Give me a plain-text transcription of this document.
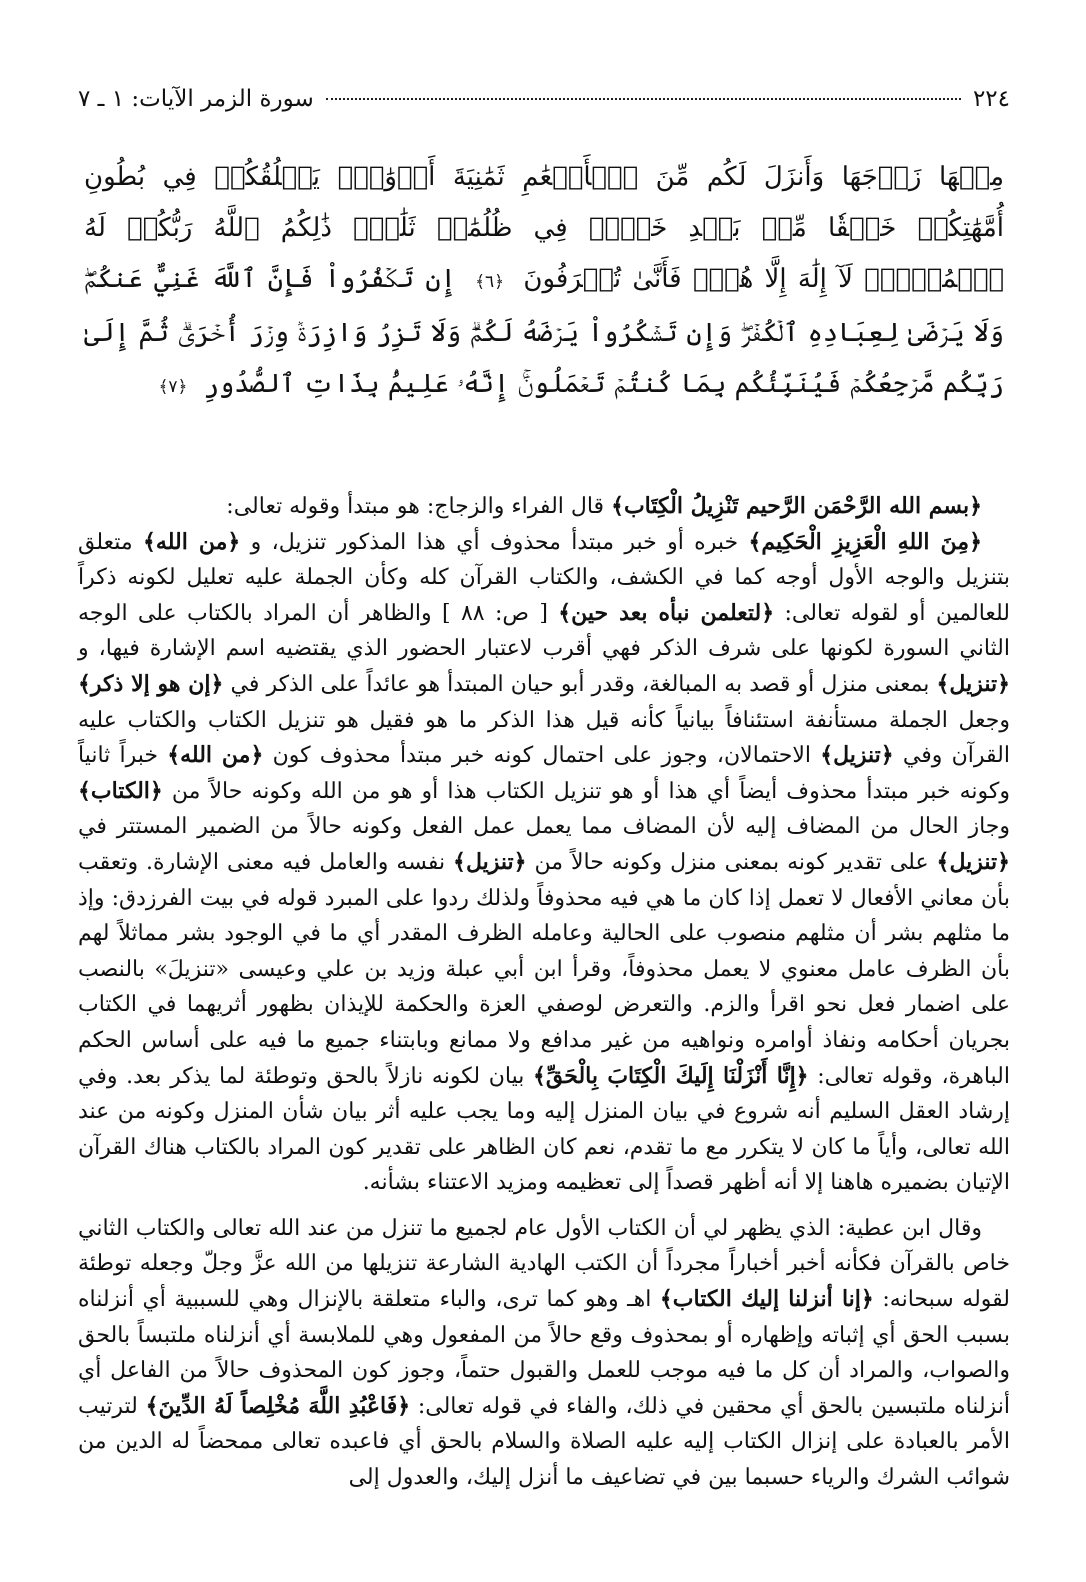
٢٢٤
سورة الزمر الآيات: ١ ـ ٧
مِنۡهَا زَوۡجَهَا وَأَنزَلَ لَكُم مِّنَ ٱلۡأَنۡعَٰمِ ثَمَٰنِيَةَ أَزۡوَٰجٖۚ يَخۡلُقُكُمۡ فِي بُطُونِ أُمَّهَٰتِكُمۡ خَلۡقٗا مِّنۢ بَعۡدِ خَلۡقٖ فِي ظُلُمَٰتٖ ثَلَٰثٖۚ ذَٰلِكُمُ ٱللَّهُ رَبُّكُمۡ لَهُ ٱلۡمُلۡكُۖ لَآ إِلَٰهَ إِلَّا هُوَۖ فَأَنَّىٰ تُصۡرَفُونَ ﴿٦﴾ إِن تَكۡفُرُواْ فَإِنَّ ٱللَّهَ غَنِيٌّ عَنكُمۡۖ وَلَا يَرۡضَىٰ لِعِبَادِهِ ٱلۡكُفۡرَۖ وَإِن تَشۡكُرُواْ يَرۡضَهُ لَكُمۡۗ وَلَا تَزِرُ وَازِرَةٞ وِزۡرَ أُخۡرَىٰۗ ثُمَّ إِلَىٰ رَبِّكُم مَّرۡجِعُكُمۡ فَيُنَبِّئُكُم بِمَا كُنتُمۡ تَعۡمَلُونَۚ إِنَّهُۥ عَلِيمُۢ بِذَاتِ ٱلصُّدُورِ ﴿٧﴾

﴿بسم الله الرَّحْمَن الرَّحيم تَنْزِيلُ الْكِتَاب﴾ قال الفراء والزجاج: هو مبتدأ وقوله تعالى:

﴿مِنَ اللهِ الْعَزِيزِ الْحَكِيم﴾ خبره أو خبر مبتدأ محذوف أي هذا المذكور تنزيل، و ﴿من الله﴾ متعلق بتنزيل والوجه الأول أوجه كما في الكشف، والكتاب القرآن كله وكأن الجملة عليه تعليل لكونه ذكراً للعالمين أو لقوله تعالى: ﴿لتعلمن نبأه بعد حين﴾ [ ص: ٨٨ ] والظاهر أن المراد بالكتاب على الوجه الثاني السورة لكونها على شرف الذكر فهي أقرب لاعتبار الحضور الذي يقتضيه اسم الإشارة فيها، و ﴿تنزيل﴾ بمعنى منزل أو قصد به المبالغة، وقدر أبو حيان المبتدأ هو عائداً على الذكر في ﴿إن هو إلا ذكر﴾ وجعل الجملة مستأنفة استئنافاً بيانياً كأنه قيل هذا الذكر ما هو فقيل هو تنزيل الكتاب والكتاب عليه القرآن وفي ﴿تنزيل﴾ الاحتمالان، وجوز على احتمال كونه خبر مبتدأ محذوف كون ﴿من الله﴾ خبراً ثانياً وكونه خبر مبتدأ محذوف أيضاً أي هذا أو هو تنزيل الكتاب هذا أو هو من الله وكونه حالاً من ﴿الكتاب﴾ وجاز الحال من المضاف إليه لأن المضاف مما يعمل عمل الفعل وكونه حالاً من الضمير المستتر في ﴿تنزيل﴾ على تقدير كونه بمعنى منزل وكونه حالاً من ﴿تنزيل﴾ نفسه والعامل فيه معنى الإشارة. وتعقب بأن معاني الأفعال لا تعمل إذا كان ما هي فيه محذوفاً ولذلك ردوا على المبرد قوله في بيت الفرزدق: وإذ ما مثلهم بشر أن مثلهم منصوب على الحالية وعامله الظرف المقدر أي ما في الوجود بشر مماثلاً لهم بأن الظرف عامل معنوي لا يعمل محذوفاً، وقرأ ابن أبي عبلة وزيد بن علي وعيسى «تنزيلَ» بالنصب على اضمار فعل نحو اقرأ والزم. والتعرض لوصفي العزة والحكمة للإيذان بظهور أثريهما في الكتاب بجريان أحكامه ونفاذ أوامره ونواهيه من غير مدافع ولا ممانع وبابتناء جميع ما فيه على أساس الحكم الباهرة، وقوله تعالى: ﴿إِنَّا أَنْزَلْنَا إِلَيكَ الْكِتَابَ بِالْحَقِّ﴾ بيان لكونه نازلاً بالحق وتوطئة لما يذكر بعد. وفي إرشاد العقل السليم أنه شروع في بيان المنزل إليه وما يجب عليه أثر بيان شأن المنزل وكونه من عند الله تعالى، وأياً ما كان لا يتكرر مع ما تقدم، نعم كان الظاهر على تقدير كون المراد بالكتاب هناك القرآن الإتيان بضميره هاهنا إلا أنه أظهر قصداً إلى تعظيمه ومزيد الاعتناء بشأنه.

وقال ابن عطية: الذي يظهر لي أن الكتاب الأول عام لجميع ما تنزل من عند الله تعالى والكتاب الثاني خاص بالقرآن فكأنه أخبر أخباراً مجرداً أن الكتب الهادية الشارعة تنزيلها من الله عزَّ وجلّ وجعله توطئة لقوله سبحانه: ﴿إنا أنزلنا إليك الكتاب﴾ اهـ وهو كما ترى، والباء متعلقة بالإنزال وهي للسببية أي أنزلناه بسبب الحق أي إثباته وإظهاره أو بمحذوف وقع حالاً من المفعول وهي للملابسة أي أنزلناه ملتبساً بالحق والصواب، والمراد أن كل ما فيه موجب للعمل والقبول حتماً، وجوز كون المحذوف حالاً من الفاعل أي أنزلناه ملتبسين بالحق أي محقين في ذلك، والفاء في قوله تعالى: ﴿فَاعْبُدِ اللَّهَ مُخْلِصاً لَهُ الدِّينَ﴾ لترتيب الأمر بالعبادة على إنزال الكتاب إليه عليه الصلاة والسلام بالحق أي فاعبده تعالى ممحضاً له الدين من شوائب الشرك والرياء حسبما بين في تضاعيف ما أنزل إليك، والعدول إلى
